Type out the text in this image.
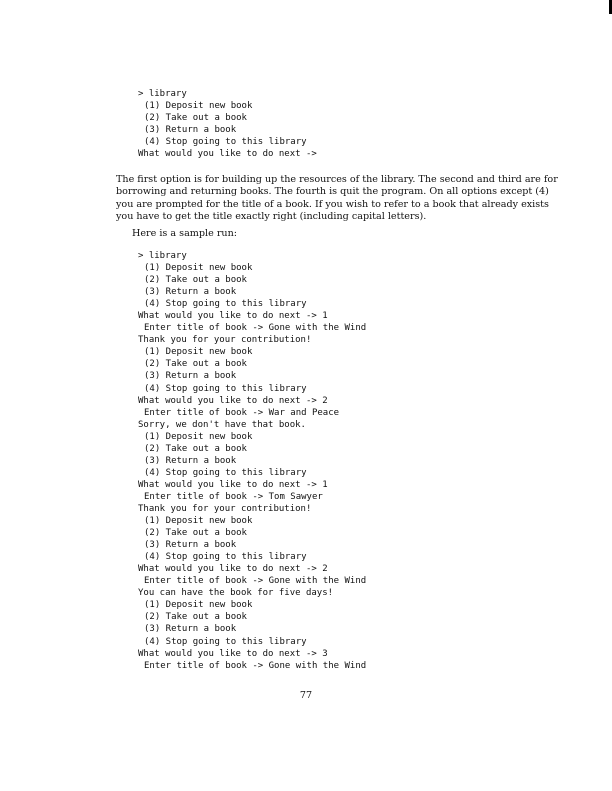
> library
(1) Deposit new book
(2) Take out a book
(3) Return a book
(4) Stop going to this library
What would you like to do next ->
The first option is for building up the resources of the library. The second and third are for
borrowing and returning books. The fourth is quit the program. On all options except (4)
you are prompted for the title of a book. If you wish to refer to a book that already exists
you have to get the title exactly right (including capital letters).
Here is a sample run:
> library
(1) Deposit new book
(2) Take out a book
(3) Return a book
(4) Stop going to this library
What would you like to do next -> 1
Enter title of book -> Gone with the Wind
Thank you for your contribution!
(1) Deposit new book
(2) Take out a book
(3) Return a book
(4) Stop going to this library
What would you like to do next -> 2
Enter title of book -> War and Peace
Sorry, we don't have that book.
(1) Deposit new book
(2) Take out a book
(3) Return a book
(4) Stop going to this library
What would you like to do next -> 1
Enter title of book -> Tom Sawyer
Thank you for your contribution!
(1) Deposit new book
(2) Take out a book
(3) Return a book
(4) Stop going to this library
What would you like to do next -> 2
Enter title of book -> Gone with the Wind
You can have the book for five days!
(1) Deposit new book
(2) Take out a book
(3) Return a book
(4) Stop going to this library
What would you like to do next -> 3
Enter title of book -> Gone with the Wind
77
